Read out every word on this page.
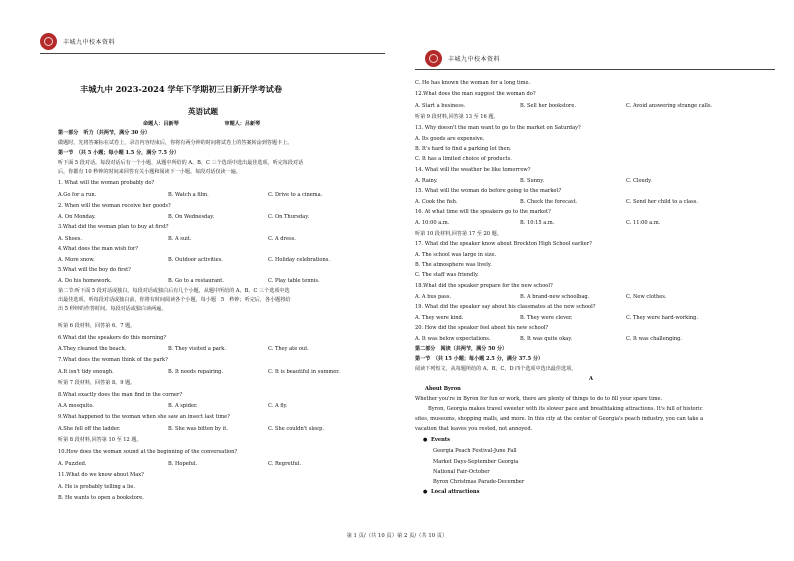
丰城九中校本资料
丰城九中 2023-2024 学年下学期初三日新开学考试卷
英语试题
命题人：吕新琴　　　　　　　　　审题人：吕新琴
第一部分　听力（共两节，满分 30 分）
做题时，先将答案标在试卷上，录音内容结束后，你将有两分钟的时间将试卷上的答案转涂到答题卡上。
第一节　（共 5 小题；每小题 1.5 分，满分 7.5 分）
听下面 5 段对话。每段对话后有一个小题，从题中所给的 A、B、C 三个选项中选出最佳选项。听完每段对话
后，你都有 10 秒钟的时间来回答有关小题和阅读下一小题。每段对话仅读一遍。
1. What will the woman probably do?
A.Go for a run.	B. Watch a film.	C. Drive to a cinema.
2. When will the woman receive her goods?
A. On Monday.	B. On Wednesday.	C. On Thursday.
3.What did the woman plan to buy at first?
A. Shoes.	B. A suit.	C. A dress.
4.What does the man wish for?
A. More snow.	B. Outdoor activities.	C. Holiday celebrations.
5.What will the boy do first?
A. Do his homework.	B. Go to a restaurant.	C. Play table tennis.
第二节:听下面 5 段对话或独白。每段对话或独白后有几个小题，从题中所给的 A、B、C 三个选项中选
出最佳选项。听每段对话或独白前，你将有时间阅读各个小题，每小题　5　秒钟；听完后，各小题将给
出 5 秒钟的作答时间。每段对话或独白读两遍。
听第 6 段材料，回答第 6、7 题。
6.What did the speakers do this morning?
A.They cleaned the beach.	B. They visited a park.	C. They ate out.
7.What does the woman think of the park?
A.It isn't tidy enough.	B. It needs repairing.	C. It is beautiful in summer.
听第 7 段材料，回答第 8、9 题。
8.What exactly does the man find in the corner?
A.A mosquito.	B. A spider.	C. A fly.
9.What happened to the woman when she saw an insect last time?
A.She fell off the ladder.	B. She was bitten by it.	C. She couldn't sleep.
听第 8 段材料,回答第 10 至 12 题。
10.How does the woman sound at the beginning of the conversation?
A. Puzzled.	B. Hopeful.	C. Regretful.
11.What do we know about Max?
A. He is probably telling a lie.
B. He wants to open a bookstore.
丰城九中校本资料
C. He has known the woman for a long time.
12.What does the man suggest the woman do?
A. Start a business.	B. Sell her bookstore.	C. Avoid answering strange calls.
听第 9 段材料,回答第 13 至 16 题。
13. Why doesn't the man want to go to the market on Saturday?
A. Its goods are expensive.
B. It's hard to find a parking lot then.
C. It has a limited choice of products.
14. What will the weather be like tomorrow?
A. Rainy.	B. Sunny.	C. Cloudy.
15. What will the woman do before going to the market?
A. Cook the fish.	B. Check the forecast.	C. Send her child to a class.
16. At what time will the speakers go to the market?
A. 10:00 a.m.	B. 10:15 a.m.	C. 11:00 a.m.
听第 10 段材料,回答第 17 至 20 题。
17. What did the speaker know about Brockton High School earlier?
A. The school was large in size.
B. The atmosphere was lively.
C. The staff was friendly.
18.What did the speaker prepare for the new school?
A. A bus pass.	B. A brand-new schoolbag.	C. New clothes.
19. What did the speaker say about his classmates at the new school?
A. They were kind.	B. They were clever.	C. They were hard-working.
20. How did the speaker feel about his new school?
A. It was below expectations.	B. It was quite okay.	C. It was challenging.
第二部分　阅读（共两节，满分 50 分）
第一节　（共 15 小题；每小题 2.5 分，满分 37.5 分）
阅读下列短文，从每题所给的 A、B、C、D 四个选项中选出最佳选项。
A
About Byron
Whether you're in Byron for fun or work, there are plenty of things to do to fill your spare time.
Byron, Georgia makes travel sweeter with its slower pace and breathtaking attractions. It's full of historic
sites, museums, shopping malls, and more. In this city at the center of Georgia's peach industry, you can take a
vacation that leaves you rested, not annoyed.
● Events
Georgia Peach Festival-June Fall
Market Days-September Georgia
National Fair-October
Byron Christmas Parade-December
● Local attractions
第 1 页/（共 10 页）第 2 页/（共 10 页）
